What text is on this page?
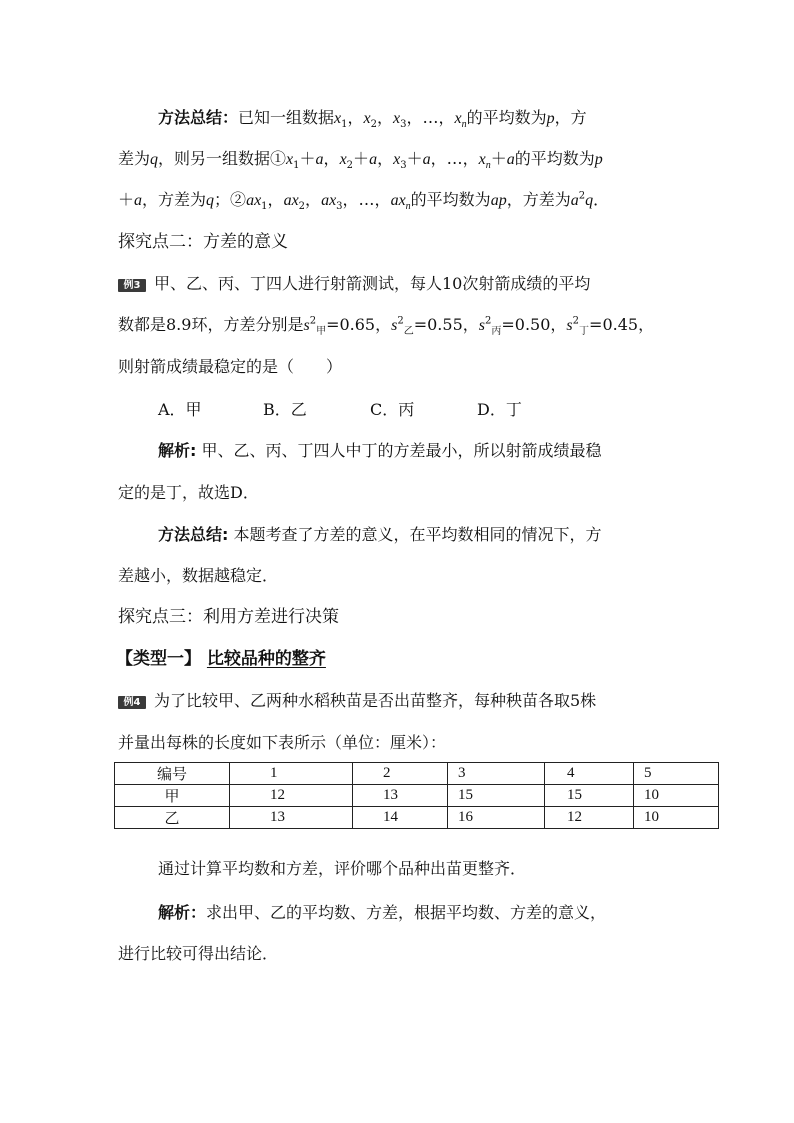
方法总结：已知一组数据$x_1$，$x_2$，$x_3$，…，$x_n$的平均数为p，方
差为q，则另一组数据$①x_1+a$，$x_2+a$，$x_3+a$，…，$x_n+a$的平均数为p
＋a，方差为q；$②ax_1$，$ax_2$，$ax_3$，…，$ax_n$的平均数为ap，方差为$a^2q$．
探究点二：方差的意义
例3 甲、乙、丙、丁四人进行射箭测试，每人10次射箭成绩的平均
数都是8.9环，方差分别是$s^2_甲=0.65$，$s^2_乙=0.55$，$s^2_丙=0.50$，$s^2_丁=0.45$，
则射箭成绩最稳定的是（　　）
A．甲	B．乙	C．丙	D．丁
解析: 甲、乙、丙、丁四人中丁的方差最小，所以射箭成绩最稳
定的是丁，故选D．
方法总结: 本题考查了方差的意义，在平均数相同的情况下，方
差越小，数据越稳定．
探究点三：利用方差进行决策
【类型一】 比较品种的整齐
例4 为了比较甲、乙两种水稻秧苗是否出苗整齐，每种秧苗各取5株
并量出每株的长度如下表所示（单位：厘米）：
编号	1	2	3	4	5
甲	12	13	15	15	10
乙	13	14	16	12	10
通过计算平均数和方差，评价哪个品种出苗更整齐．
解析：求出甲、乙的平均数、方差，根据平均数、方差的意义，
进行比较可得出结论．
